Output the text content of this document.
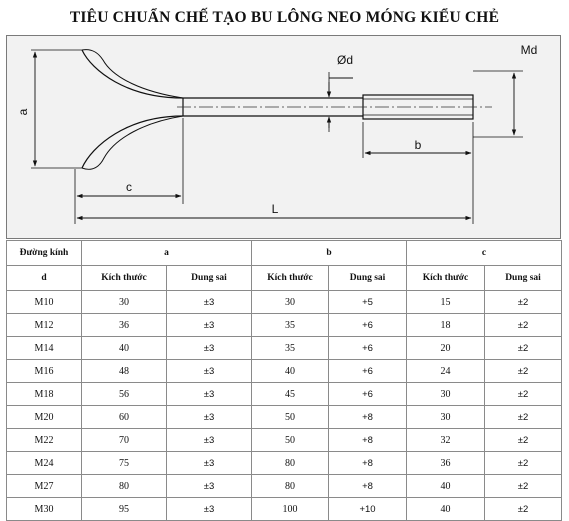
TIÊU CHUẨN CHẾ TẠO BU LÔNG NEO MÓNG KIỂU CHẺ
a
c
L
b
Ød
Md
Đường kính	a		b		c	
d	Kích thước	Dung sai	Kích thước	Dung sai	Kích thước	Dung sai
M10	30	±3	30	+5	15	±2
M12	36	±3	35	+6	18	±2
M14	40	±3	35	+6	20	±2
M16	48	±3	40	+6	24	±2
M18	56	±3	45	+6	30	±2
M20	60	±3	50	+8	30	±2
M22	70	±3	50	+8	32	±2
M24	75	±3	80	+8	36	±2
M27	80	±3	80	+8	40	±2
M30	95	±3	100	+10	40	±2
